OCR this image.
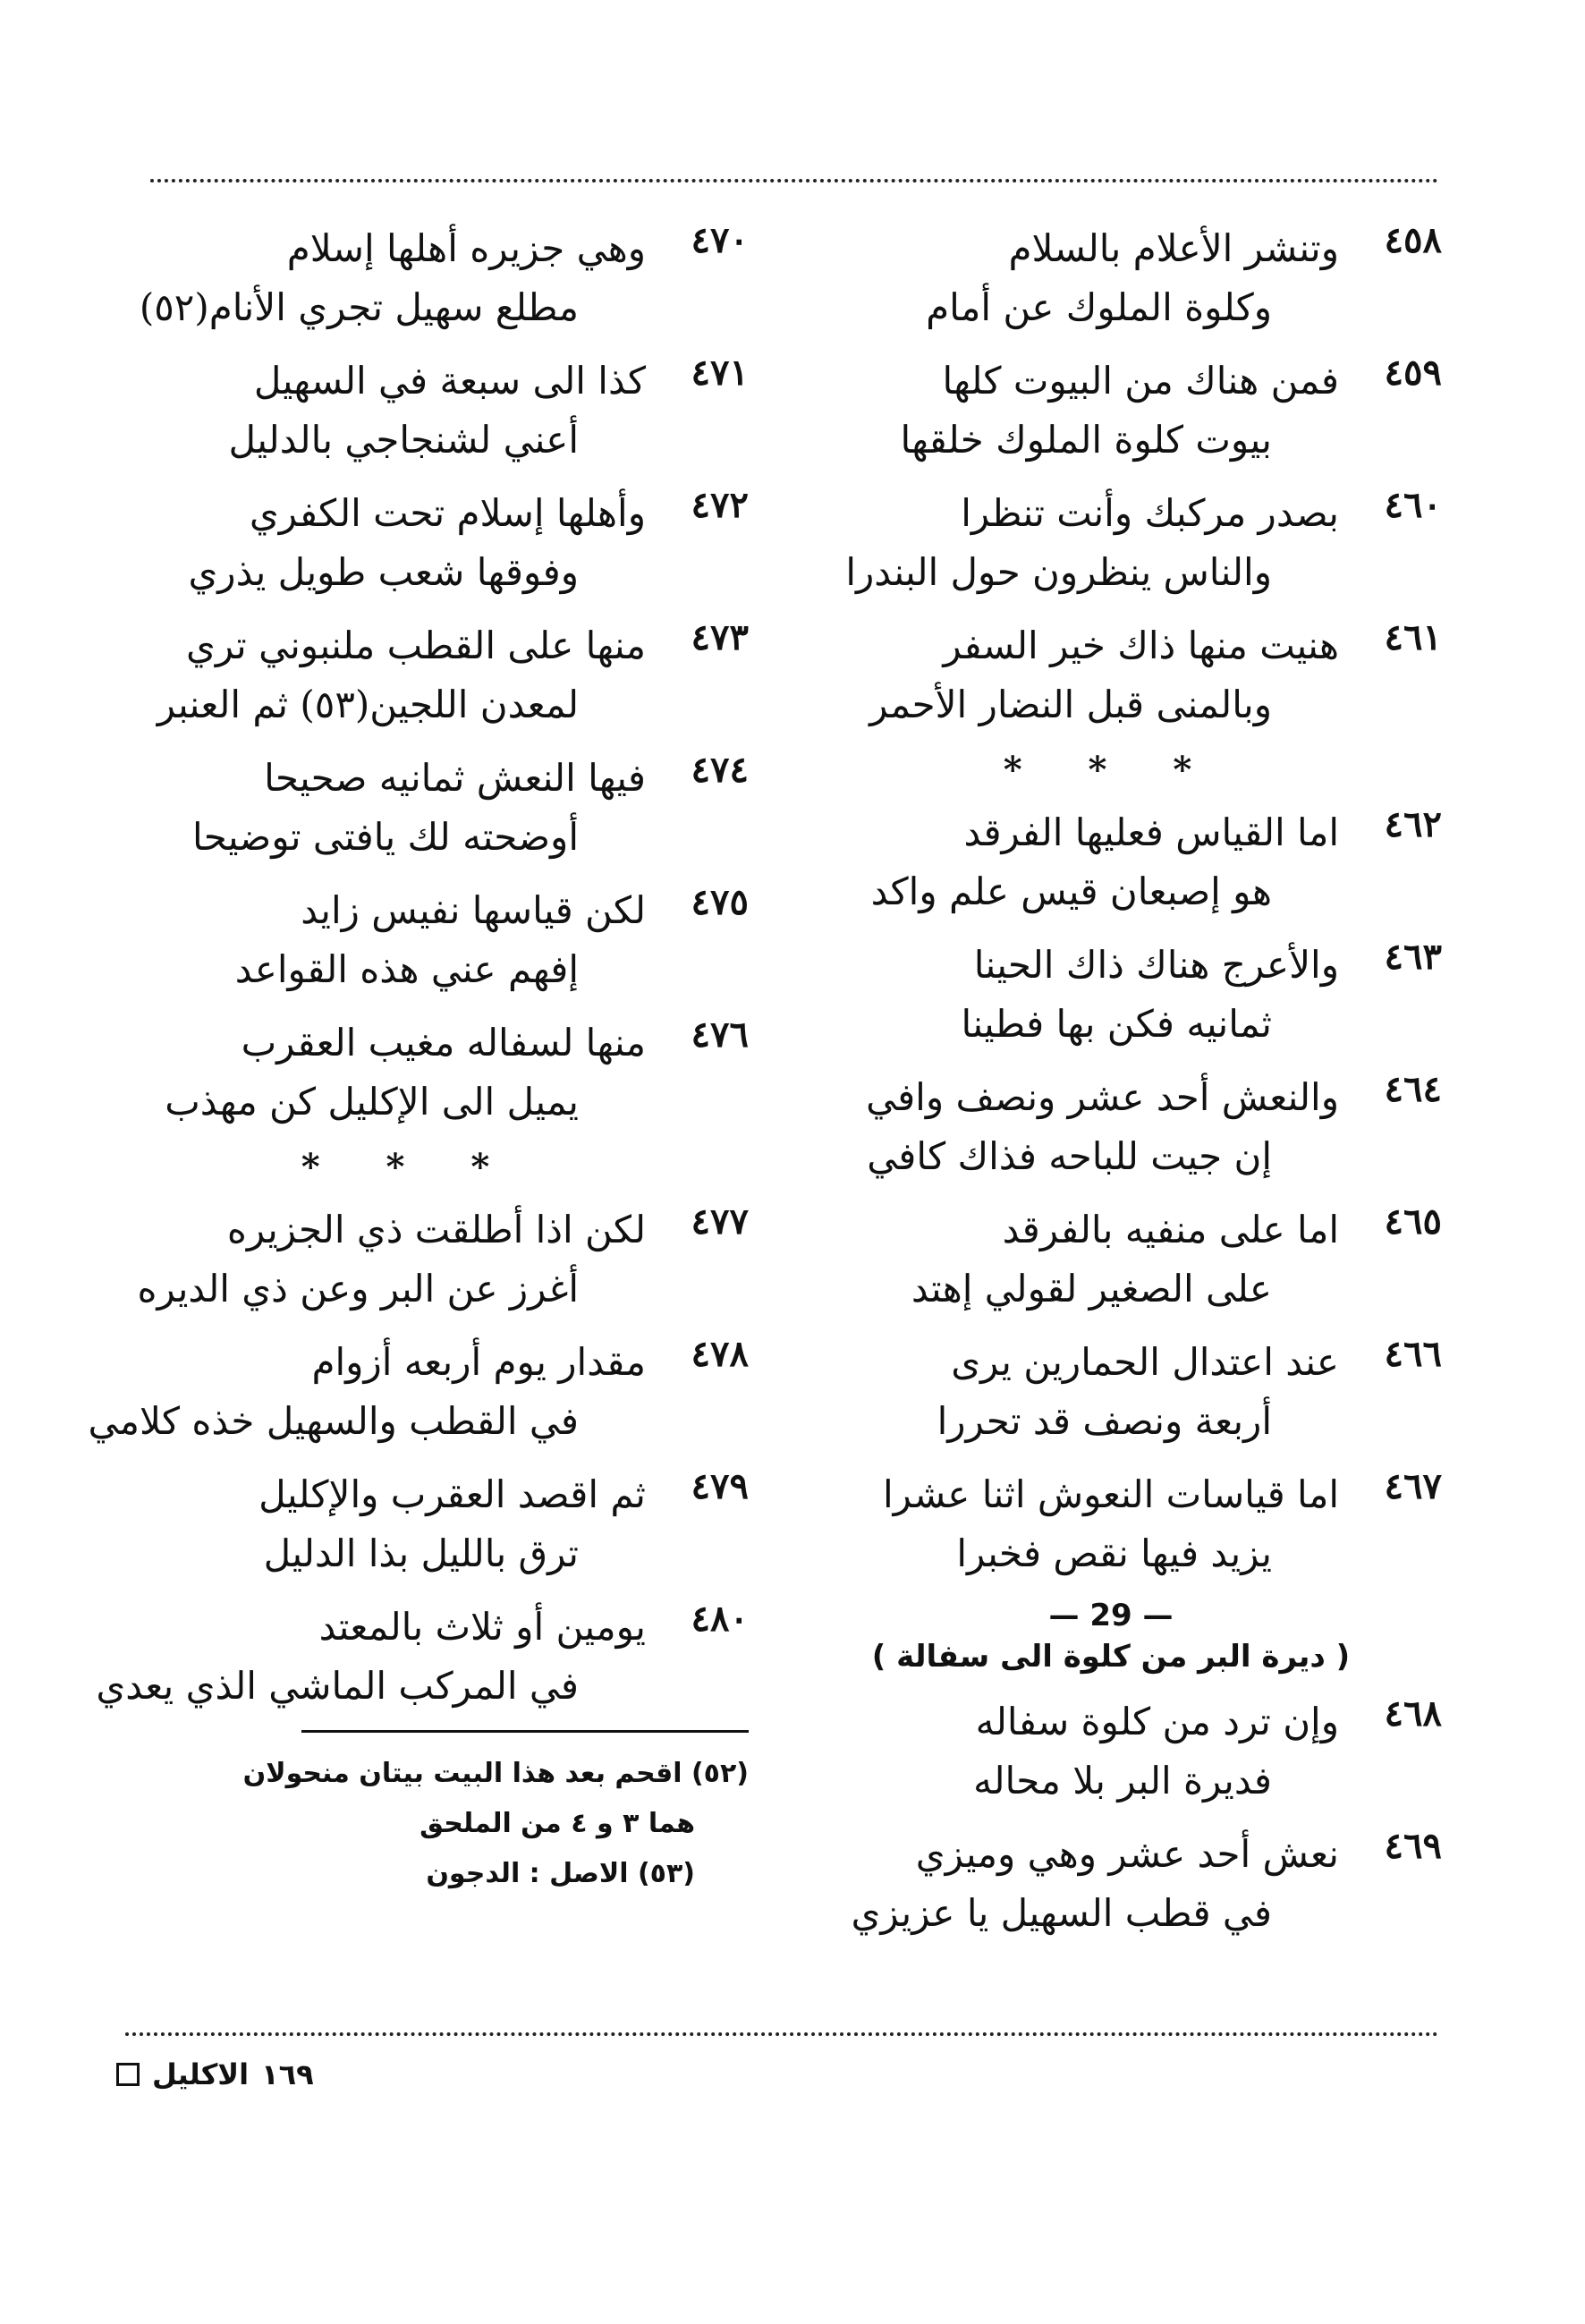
٤٥٨
وتنشر الأعلام بالسلام
وكلوة الملوك عن أمام
٤٥٩
فمن هناك من البيوت كلها
بيوت كلوة الملوك خلقها
٤٦٠
بصدر مركبك وأنت تنظرا
والناس ينظرون حول البندرا
٤٦١
هنيت منها ذاك خير السفر
وبالمنى قبل النضار الأحمر
* * *
٤٦٢
اما القياس فعليها الفرقد
هو إصبعان قيس علم واكد
٤٦٣
والأعرج هناك ذاك الحينا
ثمانيه فكن بها فطينا
٤٦٤
والنعش أحد عشر ونصف وافي
إن جيت للباحه فذاك كافي
٤٦٥
اما على منفيه بالفرقد
على الصغير لقولي إهتد
٤٦٦
عند اعتدال الحمارين يرى
أربعة ونصف قد تحررا
٤٦٧
اما قياسات النعوش اثنا عشرا
يزيد فيها نقص فخبرا
— 29 —
( ديرة البر من كلوة الى سفالة )
٤٦٨
وإن ترد من كلوة سفاله
فديرة البر بلا محاله
٤٦٩
نعش أحد عشر وهي وميزي
في قطب السهيل يا عزيزي
٤٧٠
وهي جزيره أهلها إسلام
مطلع سهيل تجري الأنام(٥٢)
٤٧١
كذا الى سبعة في السهيل
أعني لشنجاجي بالدليل
٤٧٢
وأهلها إسلام تحت الكفري
وفوقها شعب طويل يذري
٤٧٣
منها على القطب ملنبوني تري
لمعدن اللجين(٥٣) ثم العنبر
٤٧٤
فيها النعش ثمانيه صحيحا
أوضحته لك يافتى توضيحا
٤٧٥
لكن قياسها نفيس زايد
إفهم عني هذه القواعد
٤٧٦
منها لسفاله مغيب العقرب
يميل الى الإكليل كن مهذب
* * *
٤٧٧
لكن اذا أطلقت ذي الجزيره
أغرز عن البر وعن ذي الديره
٤٧٨
مقدار يوم أربعه أزوام
في القطب والسهيل خذه كلامي
٤٧٩
ثم اقصد العقرب والإكليل
ترق بالليل بذا الدليل
٤٨٠
يومين أو ثلاث بالمعتد
في المركب الماشي الذي يعدي
(٥٢) اقحم بعد هذا البيت بيتان منحولان
هما ٣ و ٤ من الملحق
(٥٣) الاصل : الدجون
١٦٩
الاكليل
